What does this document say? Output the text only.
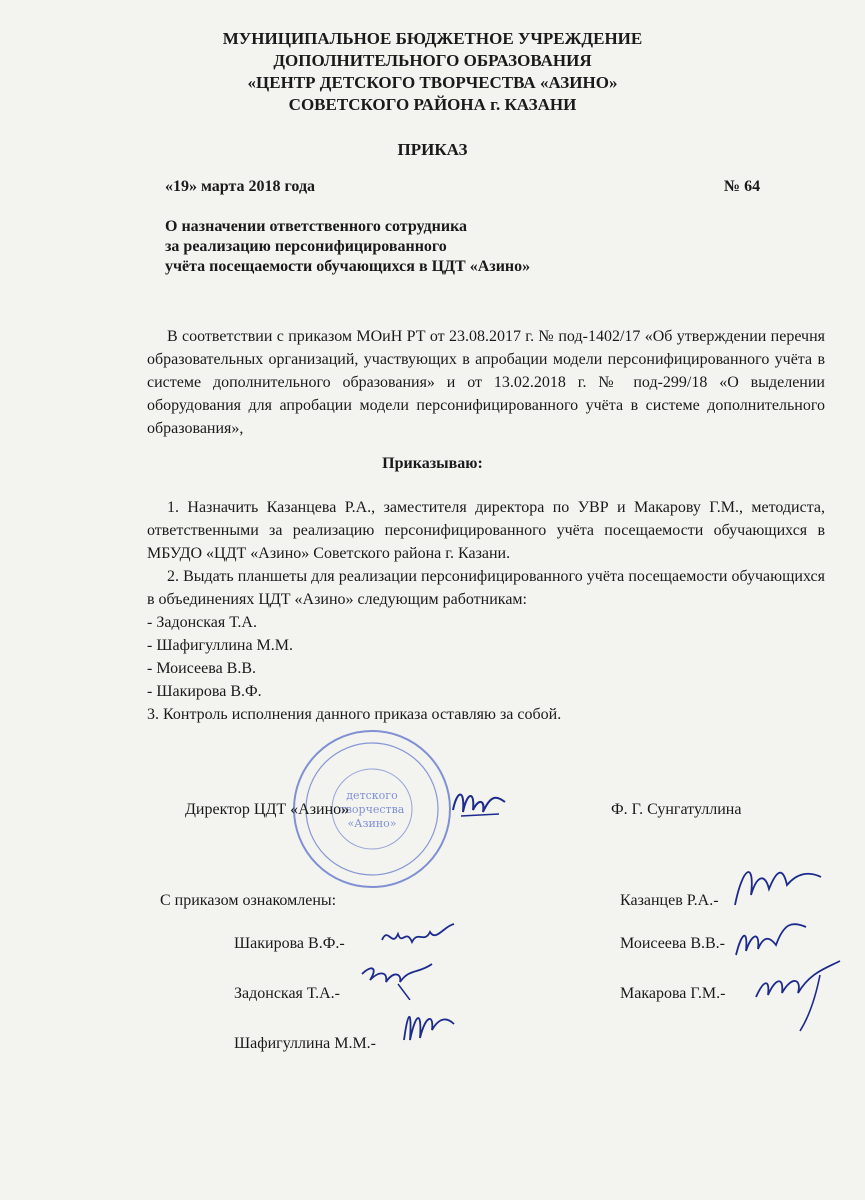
МУНИЦИПАЛЬНОЕ БЮДЖЕТНОЕ УЧРЕЖДЕНИЕ
ДОПОЛНИТЕЛЬНОГО ОБРАЗОВАНИЯ
«ЦЕНТР ДЕТСКОГО ТВОРЧЕСТВА «АЗИНО»
СОВЕТСКОГО РАЙОНА г. КАЗАНИ
ПРИКАЗ
«19» марта 2018 года	№ 64
О назначении ответственного сотрудника
за реализацию персонифицированного
учёта посещаемости обучающихся в ЦДТ «Азино»
В соответствии с приказом МОиН РТ от 23.08.2017 г. № под-1402/17 «Об утверждении перечня образовательных организаций, участвующих в апробации модели персонифицированного учёта в системе дополнительного образования» и от 13.02.2018 г. № под-299/18 «О выделении оборудования для апробации модели персонифицированного учёта в системе дополнительного образования»,
Приказываю:

1. Назначить Казанцева Р.А., заместителя директора по УВР и Макарову Г.М., методиста, ответственными за реализацию персонифицированного учёта посещаемости обучающихся в МБУДО «ЦДТ «Азино» Советского района г. Казани.

2. Выдать планшеты для реализации персонифицированного учёта посещаемости обучающихся в объединениях ЦДТ «Азино» следующим работникам:

- Задонская Т.А.

- Шафигуллина М.М.

- Моисеева В.В.

- Шакирова В.Ф.

3. Контроль исполнения данного приказа оставляю за собой.

детского
творчества
«Азино»
Директор ЦДТ «Азино»	Ф. Г. Сунгатуллина
С приказом ознакомлены:
Шакирова В.Ф.-
Задонская Т.А.-
Шафигуллина М.М.-
Казанцев Р.А.-
Моисеева В.В.-
Макарова Г.М.-
